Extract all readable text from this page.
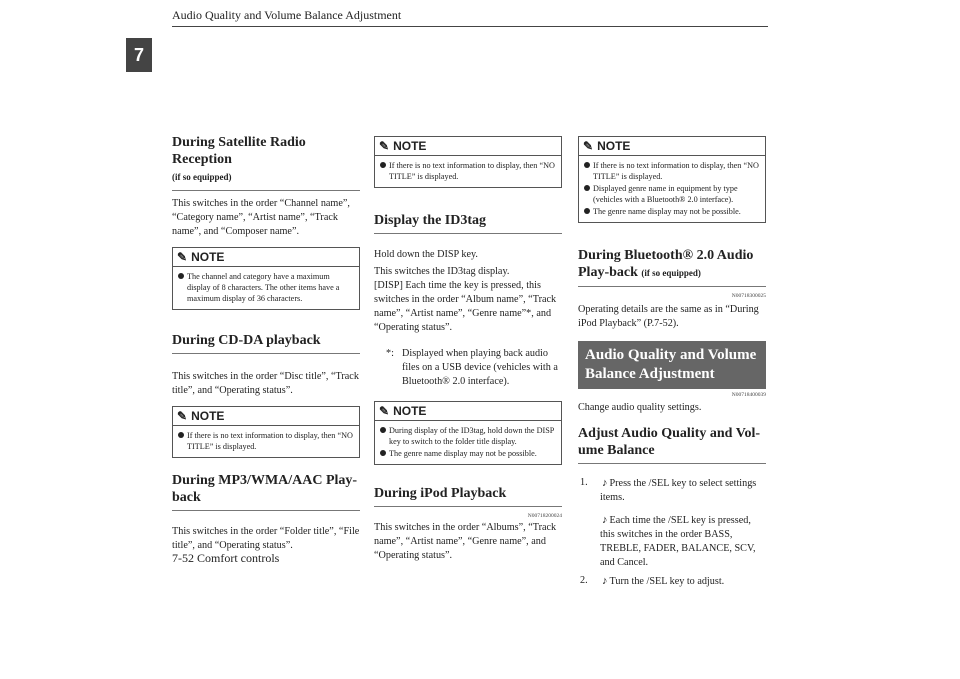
Audio Quality and Volume Balance Adjustment
7
During Satellite Radio Reception
(if so equipped)

This switches in the order “Channel name”, “Category name”, “Artist name”, “Track name”, and “Composer name”.

✎ NOTE
The channel and category have a maximum display of 8 characters. The other items have a maximum display of 36 characters.
During CD-DA playback

This switches in the order “Disc title”, “Track title”, and “Operating status”.

✎ NOTE
If there is no text information to display, then “NO TITLE” is displayed.
During MP3/WMA/AAC Play-back

This switches in the order “Folder title”, “File title”, and “Operating status”.

✎ NOTE
If there is no text information to display, then “NO TITLE” is displayed.
Display the ID3tag

Hold down the DISP key.

This switches the ID3tag display.

[DISP] Each time the key is pressed, this switches in the order “Album name”, “Track name”, “Artist name”, “Genre name”*, and “Operating status”.

*: Displayed when playing back audio files on a USB device (vehicles with a Bluetooth® 2.0 interface).
✎ NOTE
During display of the ID3tag, hold down the DISP key to switch to the folder title display.
The genre name display may not be possible.
During iPod Playback
N00718200024

This switches in the order “Albums”, “Track name”, “Artist name”, “Genre name”, and “Operating status”.

✎ NOTE
If there is no text information to display, then “NO TITLE” is displayed.
Displayed genre name in equipment by type (vehicles with a Bluetooth® 2.0 interface).
The genre name display may not be possible.
During Bluetooth® 2.0 Audio Play-back (if so equipped)
N00718300025

Operating details are the same as in “During iPod Playback” (P.7-52).

Audio Quality and Volume Balance Adjustment
N00718400039

Change audio quality settings.

Adjust Audio Quality and Vol-ume Balance
1.	♪ Press the /SEL key to select settings items.
♪ Each time the /SEL key is pressed, this switches in the order BASS, TREBLE, FADER, BALANCE, SCV, and Cancel.
2.	♪ Turn the /SEL key to adjust.
7-52 Comfort controls
